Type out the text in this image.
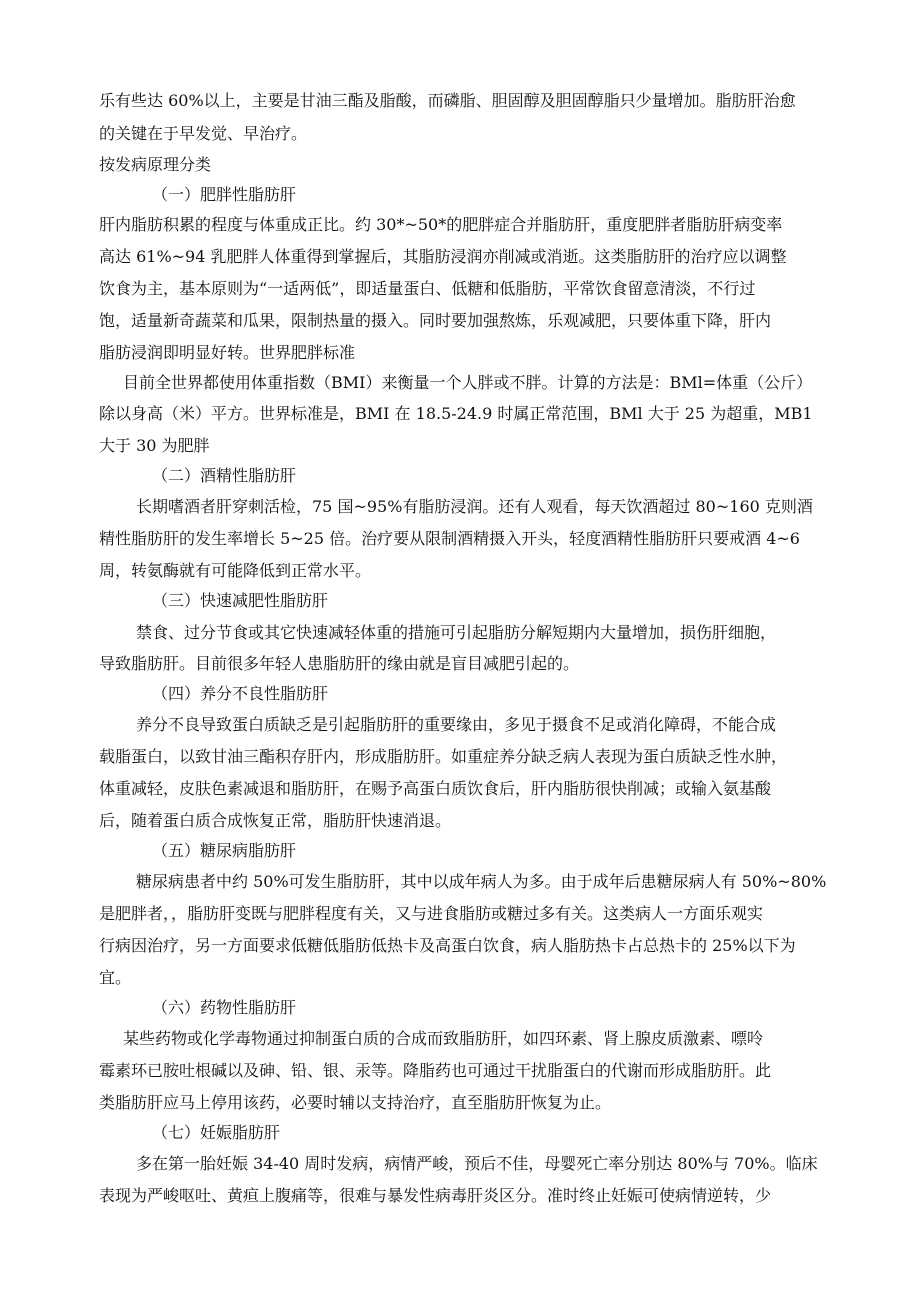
乐有些达 60%以上，主要是甘油三酯及脂酸，而磷脂、胆固醇及胆固醇脂只少量增加。脂肪肝治愈

的关键在于早发觉、早治疗。

按发病原理分类

（一）肥胖性脂肪肝

肝内脂肪积累的程度与体重成正比。约 30*~50*的肥胖症合并脂肪肝，重度肥胖者脂肪肝病变率

高达 61%~94 乳肥胖人体重得到掌握后，其脂肪浸润亦削减或消逝。这类脂肪肝的治疗应以调整

饮食为主，基本原则为“一适两低”，即适量蛋白、低糖和低脂肪，平常饮食留意清淡，不行过

饱，适量新奇蔬菜和瓜果，限制热量的摄入。同时要加强熬炼，乐观减肥，只要体重下降，肝内

脂肪浸润即明显好转。世界肥胖标准

目前全世界都使用体重指数（BMI）来衡量一个人胖或不胖。计算的方法是：BMl=体重（公斤）

除以身高（米）平方。世界标准是，BMI 在 18.5-24.9 时属正常范围，BMl 大于 25 为超重，MB1

大于 30 为肥胖

（二）酒精性脂肪肝

长期嗜酒者肝穿刺活检，75 国~95%有脂肪浸润。还有人观看，每天饮酒超过 80~160 克则酒

精性脂肪肝的发生率增长 5~25 倍。治疗要从限制酒精摄入开头，轻度酒精性脂肪肝只要戒酒 4~6

周，转氨酶就有可能降低到正常水平。

（三）快速减肥性脂肪肝

禁食、过分节食或其它快速减轻体重的措施可引起脂肪分解短期内大量增加，损伤肝细胞，

导致脂肪肝。目前很多年轻人患脂肪肝的缘由就是盲目减肥引起的。

（四）养分不良性脂肪肝

养分不良导致蛋白质缺乏是引起脂肪肝的重要缘由，多见于摄食不足或消化障碍，不能合成

载脂蛋白，以致甘油三酯积存肝内，形成脂肪肝。如重症养分缺乏病人表现为蛋白质缺乏性水肿，

体重减轻，皮肤色素减退和脂肪肝，在赐予高蛋白质饮食后，肝内脂肪很快削减；或输入氨基酸

后，随着蛋白质合成恢复正常，脂肪肝快速消退。

（五）糖尿病脂肪肝

糖尿病患者中约 50%可发生脂肪肝，其中以成年病人为多。由于成年后患糖尿病人有 50%~80%

是肥胖者，，脂肪肝变既与肥胖程度有关，又与进食脂肪或糖过多有关。这类病人一方面乐观实

行病因治疗，另一方面要求低糖低脂肪低热卡及高蛋白饮食，病人脂肪热卡占总热卡的 25%以下为

宜。

（六）药物性脂肪肝

某些药物或化学毒物通过抑制蛋白质的合成而致脂肪肝，如四环素、肾上腺皮质激素、嘌呤

霉素环已胺吐根碱以及砷、铅、银、汞等。降脂药也可通过干扰脂蛋白的代谢而形成脂肪肝。此

类脂肪肝应马上停用该药，必要时辅以支持治疗，直至脂肪肝恢复为止。

（七）妊娠脂肪肝

多在第一胎妊娠 34-40 周时发病，病情严峻，预后不佳，母婴死亡率分别达 80%与 70%。临床

表现为严峻呕吐、黄疸上腹痛等，很难与暴发性病毒肝炎区分。准时终止妊娠可使病情逆转，少
